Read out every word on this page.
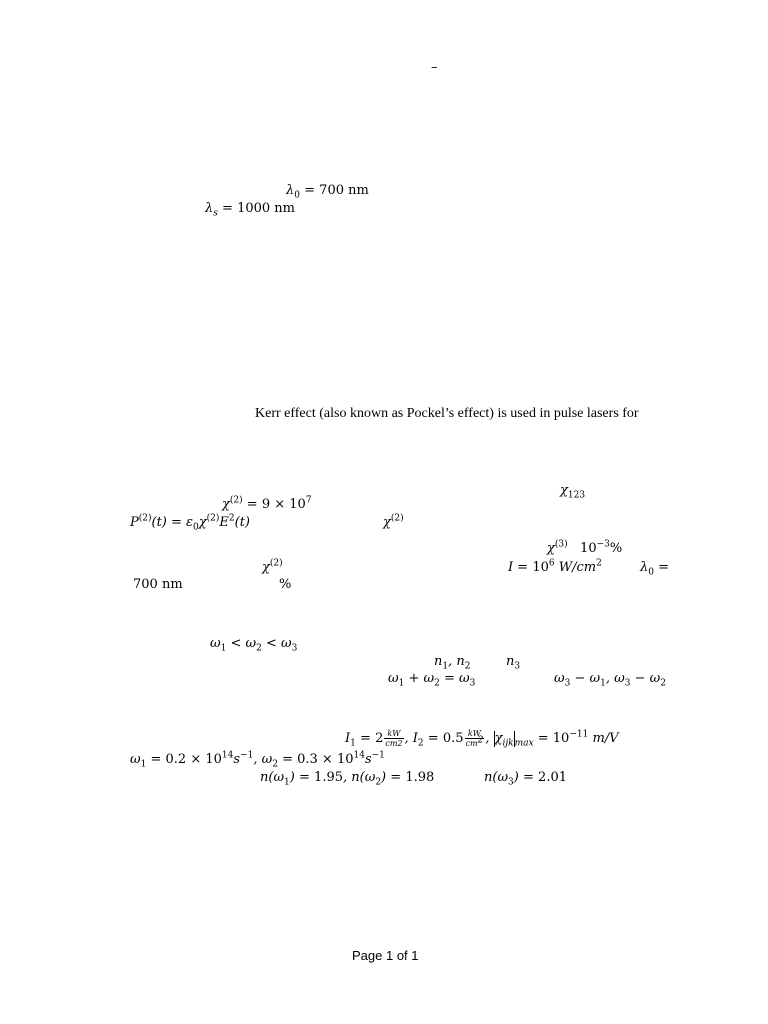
–
$\lambda_0 = 700$ nm
$\lambda_s = 1000$ nm
Kerr effect (also known as Pockel’s effect) is used in pulse lasers for
$\chi_{123}$
$\chi^{(2)} = 9 \times 10^7$
$P^{(2)}(t) = \varepsilon_0\chi^{(2)}E^2(t)$	$\chi^{(2)}$
$\chi^{(3)}$ $10^{-3}\%$
$\chi^{(2)}$	$I = 10^6$ $W/cm^2$	$\lambda_0$ =
700 nm	%
$\omega_1 < \omega_2 < \omega_3$
$n_1$, $n_2$	$n_3$
$\omega_1 + \omega_2 = \omega_3$	$\omega_3 - \omega_1$, $\omega_3 - \omega_2$
$I_1 = 2 \frac{kW}{cm2}$ , $I_2 = 0.5 \frac{kW}{cm^2}$ , $\chi_{ijkmax} = 10^{-11}$ m/V
$\omega_1 = 0.2 \times 10^{14}s^{-1}$, $\omega_2 = 0.3 \times 10^{14}s^{-1}$
$n(\omega_1) = 1.95$, $n(\omega_2) = 1.98$	$n(\omega_3) = 2.01$
Page 1 of 1
